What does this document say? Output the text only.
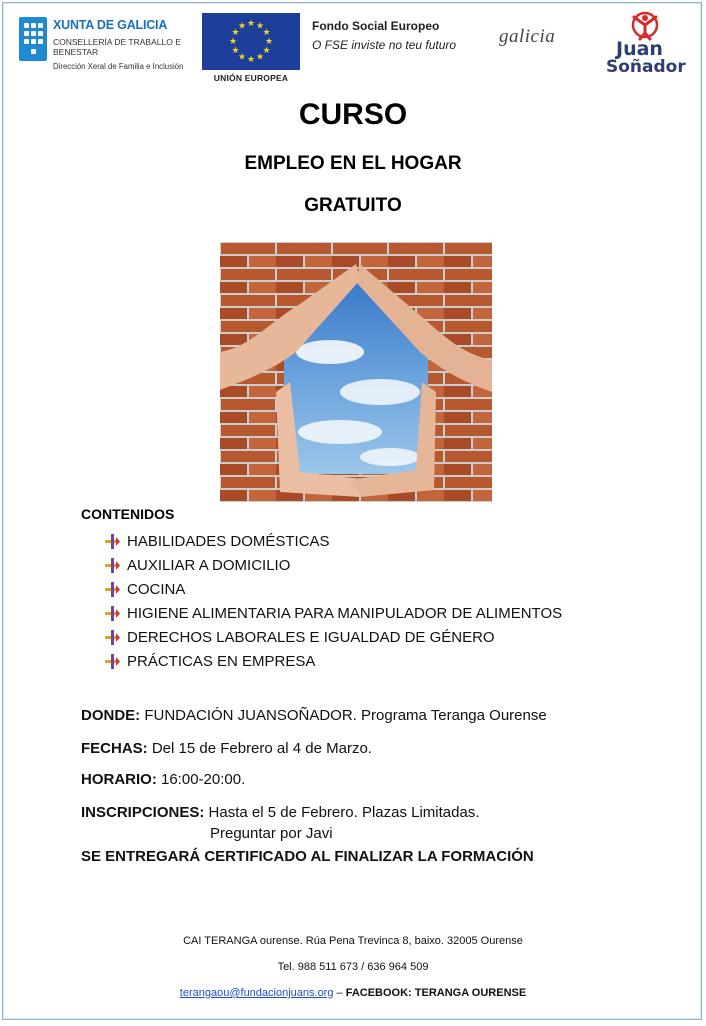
XUNTA DE GALICIA
CONSELLERÍA DE TRABALLO E BENESTAR
Dirección Xeral de Familia e Inclusión
★ ★
★
★
★
★
★
★
★
★
★
★
UNIÓN EUROPEA
Fondo Social Europeo
O FSE inviste no teu futuro	galicia
Juan
Soñador
CURSO
EMPLEO EN EL HOGAR
GRATUITO
CONTENIDOS
HABILIDADES DOMÉSTICAS
AUXILIAR A DOMICILIO
COCINA
HIGIENE ALIMENTARIA PARA MANIPULADOR DE ALIMENTOS
DERECHOS LABORALES E IGUALDAD DE GÉNERO
PRÁCTICAS EN EMPRESA
DONDE: FUNDACIÓN JUANSOÑADOR. Programa Teranga Ourense
FECHAS: Del 15 de Febrero al 4 de Marzo.
HORARIO: 16:00-20:00.
INSCRIPCIONES: Hasta el 5 de Febrero. Plazas Limitadas.
Preguntar por Javi
SE ENTREGARÁ CERTIFICADO AL FINALIZAR LA FORMACIÓN
CAI TERANGA ourense. Rúa Pena Trevinca 8, baixo. 32005 Ourense
Tel. 988 511 673 / 636 964 509
terangaou@fundacionjuans.org – FACEBOOK: TERANGA OURENSE
